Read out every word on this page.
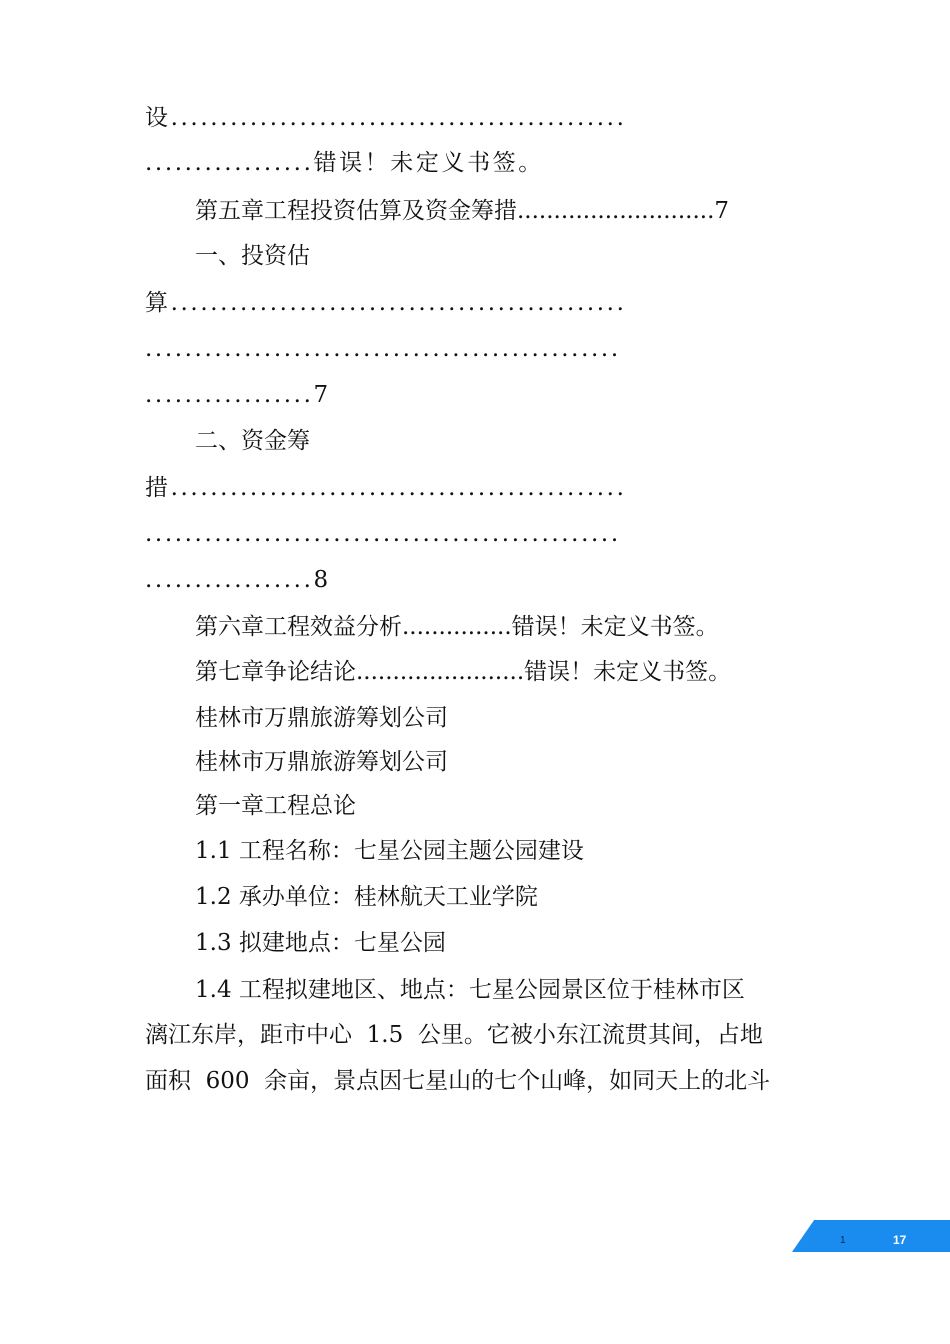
设..............................................
.................错误！未定义书签。
第五章工程投资估算及资金筹措...........................7
一、投资估
算..............................................
................................................
.................7
二、资金筹
措..............................................
................................................
.................8
第六章工程效益分析...............错误！未定义书签。
第七章争论结论.......................错误！未定义书签。
桂林市万鼎旅游筹划公司
桂林市万鼎旅游筹划公司
第一章工程总论
1.1 工程名称：七星公园主题公园建设
1.2 承办单位：桂林航天工业学院
1.3 拟建地点：七星公园
1.4 工程拟建地区、地点：七星公园景区位于桂林市区
漓江东岸，距市中心  1.5  公里。它被小东江流贯其间，占地
面积  600  余亩，景点因七星山的七个山峰，如同天上的北斗
1	17
